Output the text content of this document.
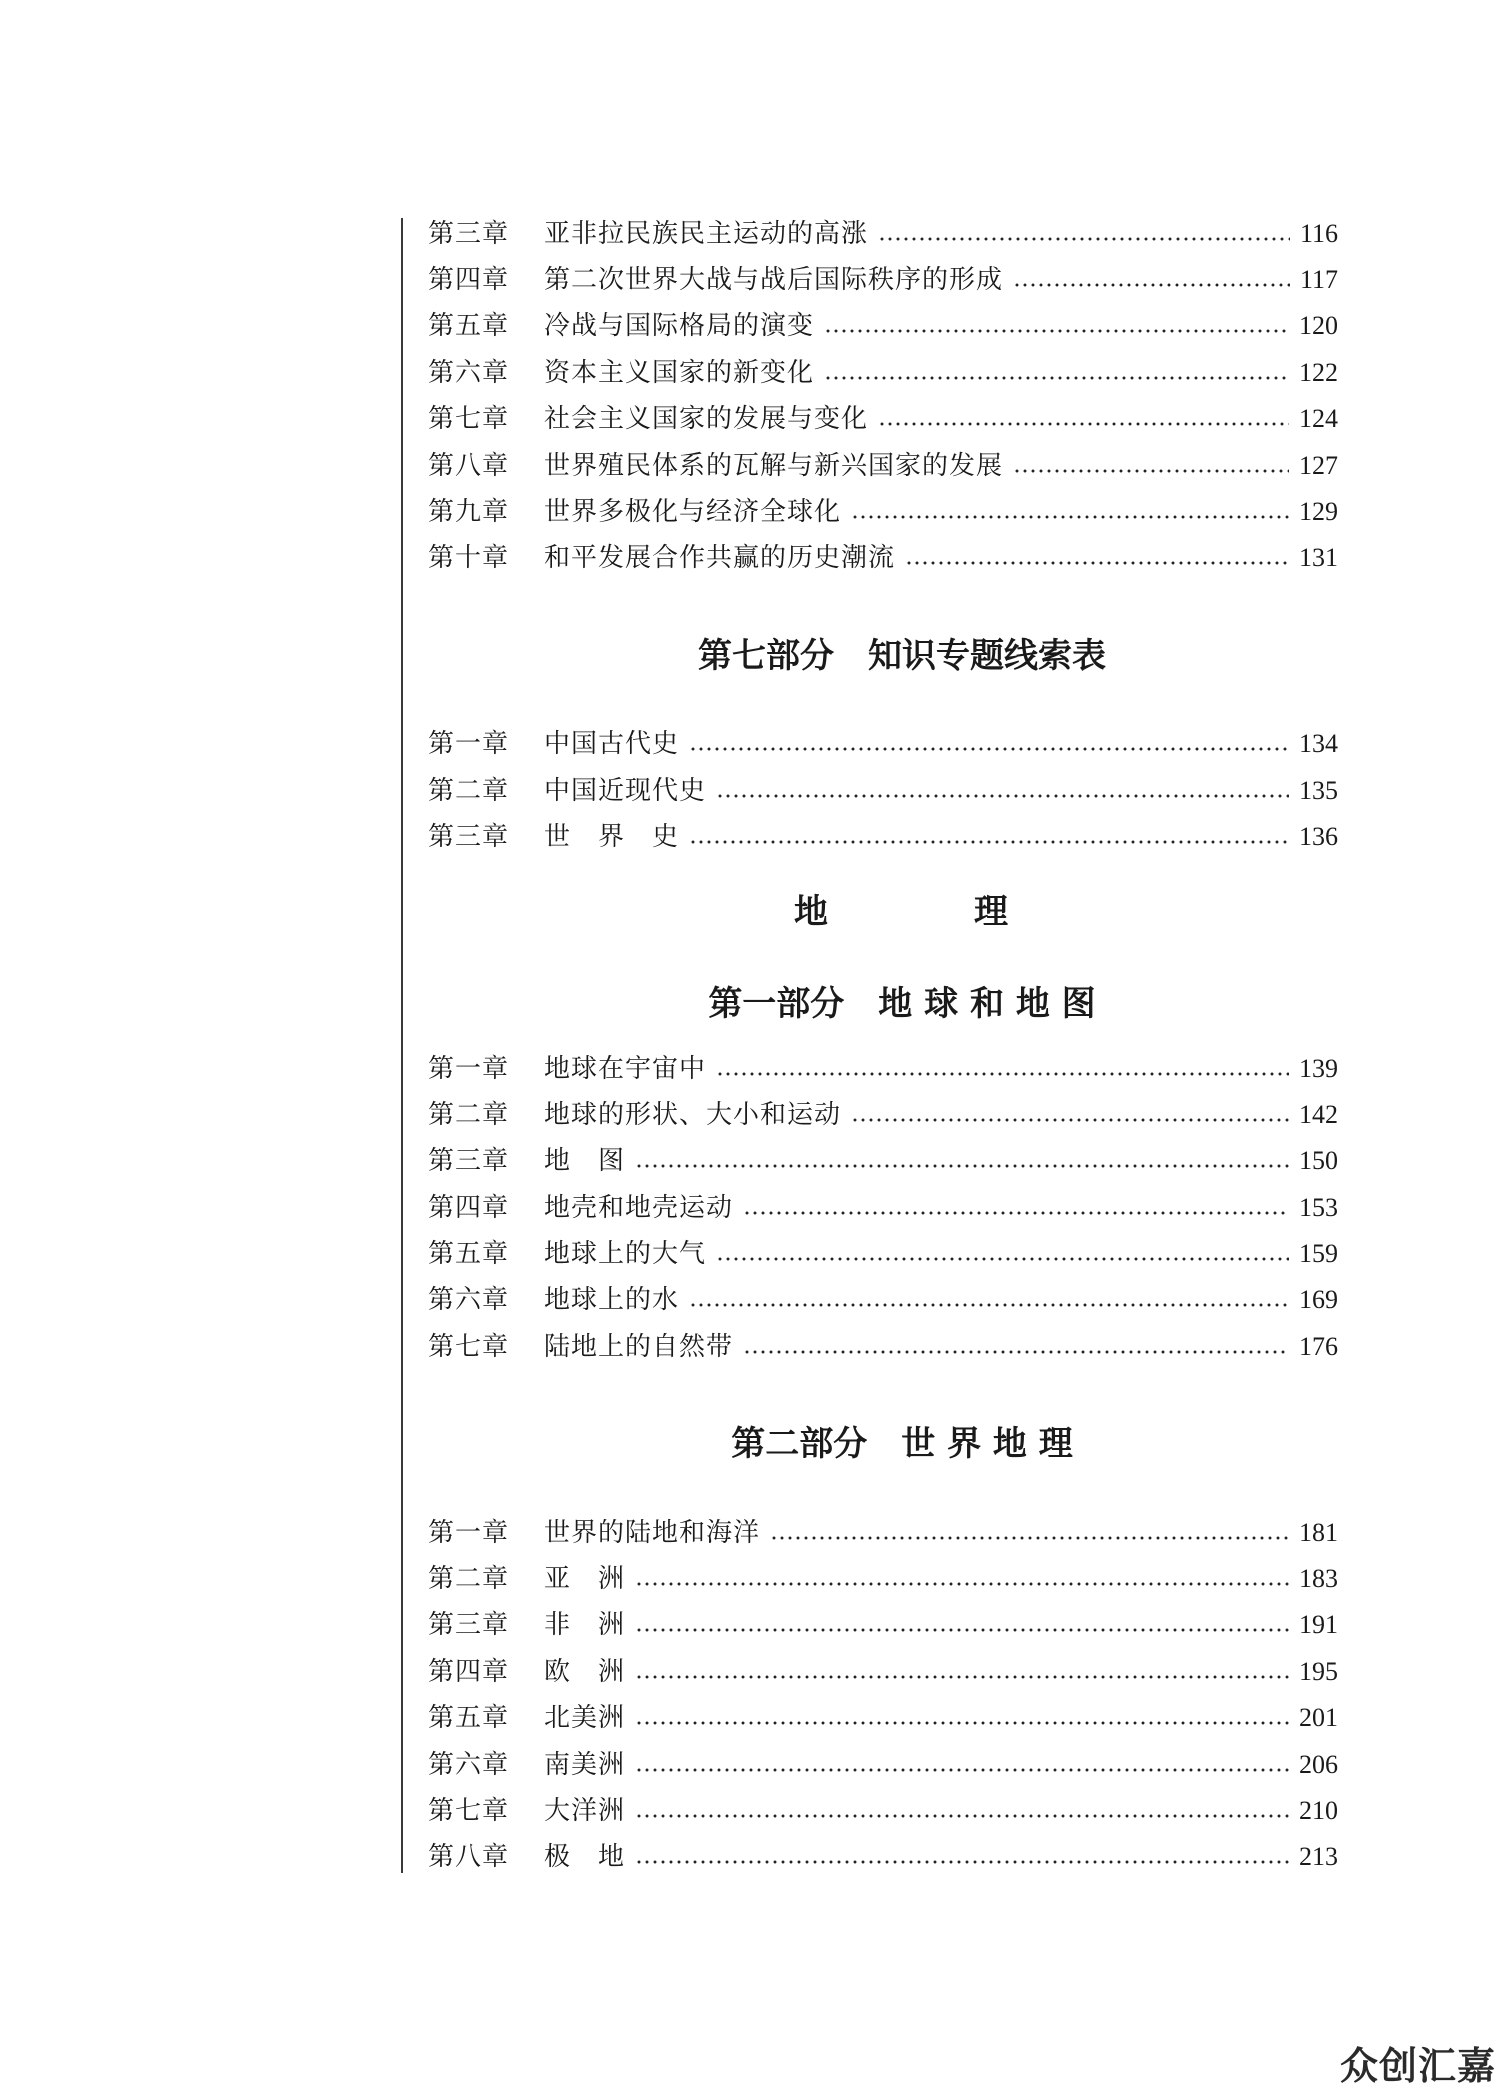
第三章	亚非拉民族民主运动的高涨	116
第四章	第二次世界大战与战后国际秩序的形成	117
第五章	冷战与国际格局的演变	120
第六章	资本主义国家的新变化	122
第七章	社会主义国家的发展与变化	124
第八章	世界殖民体系的瓦解与新兴国家的发展	127
第九章	世界多极化与经济全球化	129
第十章	和平发展合作共赢的历史潮流	131
第七部分　知识专题线索表
第一章	中国古代史	134
第二章	中国近现代史	135
第三章	世　界　史	136
地　　　　理
第一部分　地 球 和 地 图
第一章	地球在宇宙中	139
第二章	地球的形状、大小和运动	142
第三章	地　图	150
第四章	地壳和地壳运动	153
第五章	地球上的大气	159
第六章	地球上的水	169
第七章	陆地上的自然带	176
第二部分　世 界 地 理
第一章	世界的陆地和海洋	181
第二章	亚　洲	183
第三章	非　洲	191
第四章	欧　洲	195
第五章	北美洲	201
第六章	南美洲	206
第七章	大洋洲	210
第八章	极　地	213
众创汇嘉
